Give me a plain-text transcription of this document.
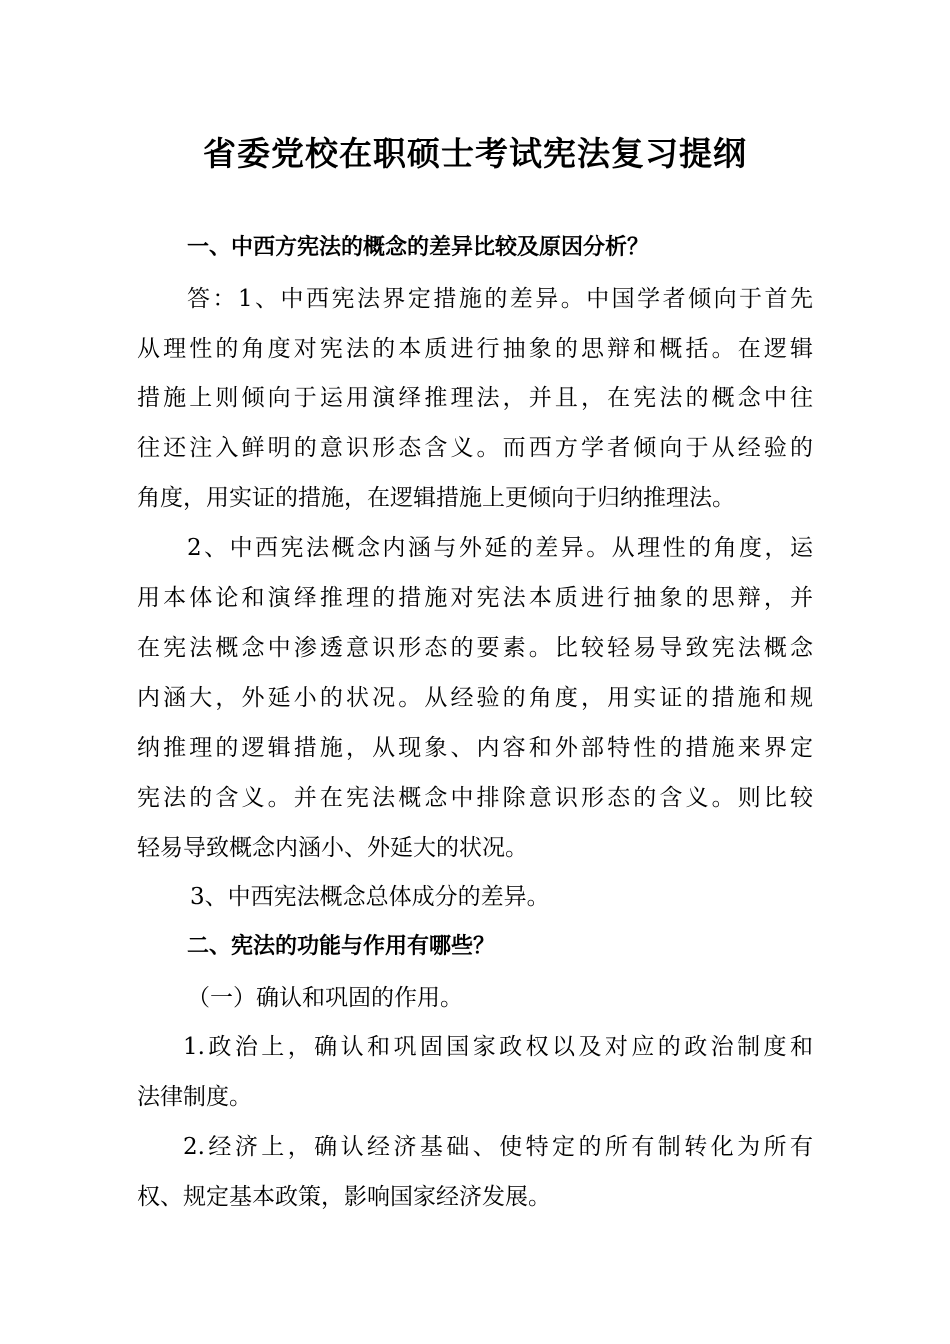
省委党校在职硕士考试宪法复习提纲
一、中西方宪法的概念的差异比较及原因分析？
答：1、中西宪法界定措施的差异。中国学者倾向于首先
从理性的角度对宪法的本质进行抽象的思辩和概括。在逻辑
措施上则倾向于运用演绎推理法，并且，在宪法的概念中往
往还注入鲜明的意识形态含义。而西方学者倾向于从经验的
角度，用实证的措施，在逻辑措施上更倾向于归纳推理法。
2、中西宪法概念内涵与外延的差异。从理性的角度，运
用本体论和演绎推理的措施对宪法本质进行抽象的思辩，并
在宪法概念中渗透意识形态的要素。比较轻易导致宪法概念
内涵大，外延小的状况。从经验的角度，用实证的措施和规
纳推理的逻辑措施，从现象、内容和外部特性的措施来界定
宪法的含义。并在宪法概念中排除意识形态的含义。则比较
轻易导致概念内涵小、外延大的状况。
3、中西宪法概念总体成分的差异。
二、宪法的功能与作用有哪些？
（一）确认和巩固的作用。
1.政治上，确认和巩固国家政权以及对应的政治制度和
法律制度。
2.经济上，确认经济基础、使特定的所有制转化为所有
权、规定基本政策，影响国家经济发展。
